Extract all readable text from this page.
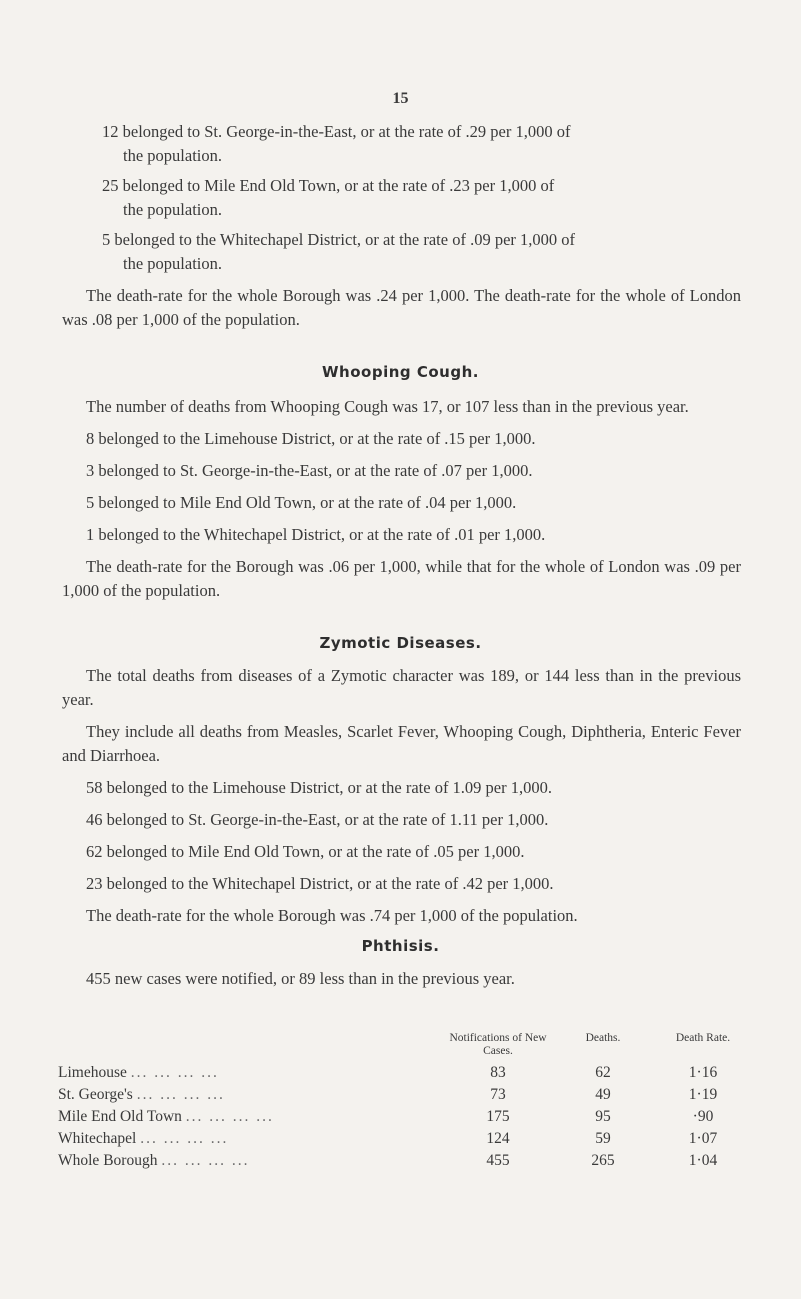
15

12 belonged to St. George-in-the-East, or at the rate of .29 per 1,000 of
the population.

25 belonged to Mile End Old Town, or at the rate of .23 per 1,000 of
the population.

5 belonged to the Whitechapel District, or at the rate of .09 per 1,000 of
the population.

The death-rate for the whole Borough was .24 per 1,000. The death-rate for the whole of London was .08 per 1,000 of the population.

Whooping Cough.

The number of deaths from Whooping Cough was 17, or 107 less than in the previous year.

8 belonged to the Limehouse District, or at the rate of .15 per 1,000.

3 belonged to St. George-in-the-East, or at the rate of .07 per 1,000.

5 belonged to Mile End Old Town, or at the rate of .04 per 1,000.

1 belonged to the Whitechapel District, or at the rate of .01 per 1,000.

The death-rate for the Borough was .06 per 1,000, while that for the whole of London was .09 per 1,000 of the population.

Zymotic Diseases.

The total deaths from diseases of a Zymotic character was 189, or 144 less than in the previous year.

They include all deaths from Measles, Scarlet Fever, Whooping Cough, Diphtheria, Enteric Fever and Diarrhoea.

58 belonged to the Limehouse District, or at the rate of 1.09 per 1,000.

46 belonged to St. George-in-the-East, or at the rate of 1.11 per 1,000.

62 belonged to Mile End Old Town, or at the rate of .05 per 1,000.

23 belonged to the Whitechapel District, or at the rate of .42 per 1,000.

The death-rate for the whole Borough was .74 per 1,000 of the population.

Phthisis.

455 new cases were notified, or 89 less than in the previous year.

	Notifications of New Cases.	Deaths.	Death Rate.
Limehouse ... ... ... ...	83	62	1·16
St. George's ... ... ... ...	73	49	1·19
Mile End Old Town ... ... ... ...	175	95	·90
Whitechapel ... ... ... ...	124	59	1·07
Whole Borough ... ... ... ...	455	265	1·04
